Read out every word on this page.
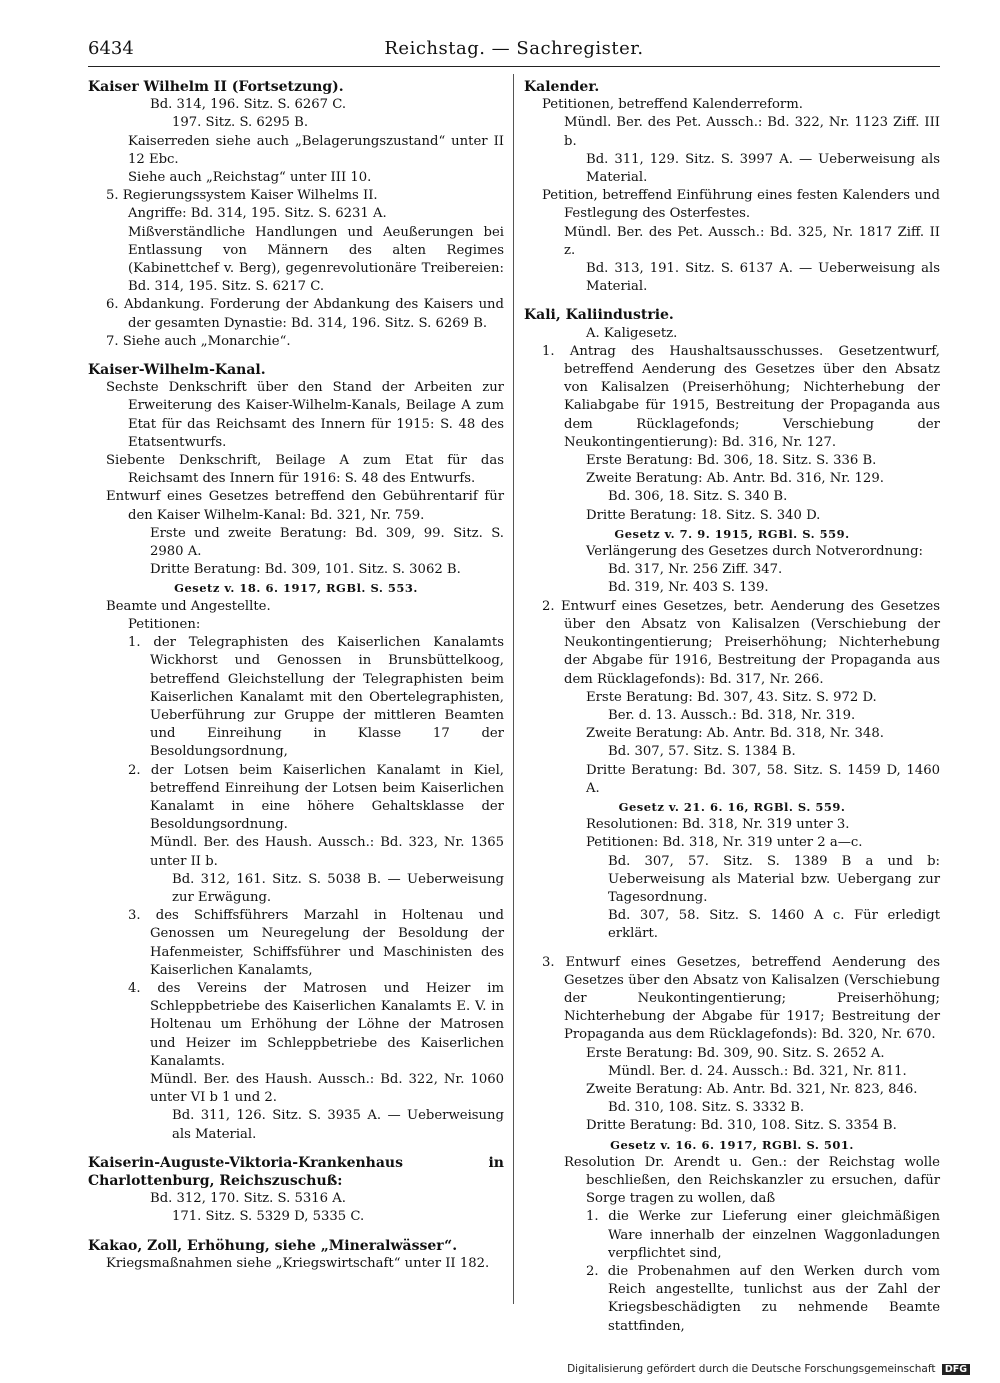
6434	Reichstag. — Sachregister.

Kaiser Wilhelm II (Fortsetzung).

Bd. 314, 196. Sitz. S. 6267 C.

197. Sitz. S. 6295 B.

Kaiserreden siehe auch „Belagerungszustand“ unter II 12 Ebc.

Siehe auch „Reichstag“ unter III 10.

5. Regierungssystem Kaiser Wilhelms II.

Angriffe: Bd. 314, 195. Sitz. S. 6231 A.

Mißverständliche Handlungen und Aeußerungen bei Entlassung von Männern des alten Regimes (Kabinettchef v. Berg), gegenrevolutionäre Treibereien: Bd. 314, 195. Sitz. S. 6217 C.

6. Abdankung. Forderung der Abdankung des Kaisers und der gesamten Dynastie: Bd. 314, 196. Sitz. S. 6269 B.

7. Siehe auch „Monarchie“.

Kaiser-Wilhelm-Kanal.

Sechste Denkschrift über den Stand der Arbeiten zur Erweiterung des Kaiser-Wilhelm-Kanals, Beilage A zum Etat für das Reichsamt des Innern für 1915: S. 48 des Etatsentwurfs.

Siebente Denkschrift, Beilage A zum Etat für das Reichsamt des Innern für 1916: S. 48 des Entwurfs.

Entwurf eines Gesetzes betreffend den Gebührentarif für den Kaiser Wilhelm-Kanal: Bd. 321, Nr. 759.

Erste und zweite Beratung: Bd. 309, 99. Sitz. S. 2980 A.

Dritte Beratung: Bd. 309, 101. Sitz. S. 3062 B.

Gesetz v. 18. 6. 1917, RGBl. S. 553.

Beamte und Angestellte.

Petitionen:

1. der Telegraphisten des Kaiserlichen Kanalamts Wickhorst und Genossen in Brunsbüttelkoog, betreffend Gleichstellung der Telegraphisten beim Kaiserlichen Kanalamt mit den Obertelegraphisten, Ueberführung zur Gruppe der mittleren Beamten und Einreihung in Klasse 17 der Besoldungsordnung,

2. der Lotsen beim Kaiserlichen Kanalamt in Kiel, betreffend Einreihung der Lotsen beim Kaiserlichen Kanalamt in eine höhere Gehaltsklasse der Besoldungsordnung.

Mündl. Ber. des Haush. Aussch.: Bd. 323, Nr. 1365 unter II b.

Bd. 312, 161. Sitz. S. 5038 B. — Ueberweisung zur Erwägung.

3. des Schiffsführers Marzahl in Holtenau und Genossen um Neuregelung der Besoldung der Hafenmeister, Schiffsführer und Maschinisten des Kaiserlichen Kanalamts,

4. des Vereins der Matrosen und Heizer im Schleppbetriebe des Kaiserlichen Kanalamts E. V. in Holtenau um Erhöhung der Löhne der Matrosen und Heizer im Schleppbetriebe des Kaiserlichen Kanalamts.

Mündl. Ber. des Haush. Aussch.: Bd. 322, Nr. 1060 unter VI b 1 und 2.

Bd. 311, 126. Sitz. S. 3935 A. — Ueberweisung als Material.

Kaiserin-Auguste-Viktoria-Krankenhaus in Charlottenburg, Reichszuschuß:

Bd. 312, 170. Sitz. S. 5316 A.

171. Sitz. S. 5329 D, 5335 C.

Kakao, Zoll, Erhöhung, siehe „Mineralwässer“.

Kriegsmaßnahmen siehe „Kriegswirtschaft“ unter II 182.

Kalender.

Petitionen, betreffend Kalenderreform.

Mündl. Ber. des Pet. Aussch.: Bd. 322, Nr. 1123 Ziff. III b.

Bd. 311, 129. Sitz. S. 3997 A. — Ueberweisung als Material.

Petition, betreffend Einführung eines festen Kalenders und Festlegung des Osterfestes.

Mündl. Ber. des Pet. Aussch.: Bd. 325, Nr. 1817 Ziff. II z.

Bd. 313, 191. Sitz. S. 6137 A. — Ueberweisung als Material.

Kali, Kaliindustrie.

A. Kaligesetz.

1. Antrag des Haushaltsausschusses. Gesetzentwurf, betreffend Aenderung des Gesetzes über den Absatz von Kalisalzen (Preiserhöhung; Nichterhebung der Kaliabgabe für 1915, Bestreitung der Propaganda aus dem Rücklagefonds; Verschiebung der Neukontingentierung): Bd. 316, Nr. 127.

Erste Beratung: Bd. 306, 18. Sitz. S. 336 B.

Zweite Beratung: Ab. Antr. Bd. 316, Nr. 129.

Bd. 306, 18. Sitz. S. 340 B.

Dritte Beratung: 18. Sitz. S. 340 D.

Gesetz v. 7. 9. 1915, RGBl. S. 559.

Verlängerung des Gesetzes durch Notverordnung:

Bd. 317, Nr. 256 Ziff. 347.

Bd. 319, Nr. 403 S. 139.

2. Entwurf eines Gesetzes, betr. Aenderung des Gesetzes über den Absatz von Kalisalzen (Verschiebung der Neukontingentierung; Preiserhöhung; Nichterhebung der Abgabe für 1916, Bestreitung der Propaganda aus dem Rücklagefonds): Bd. 317, Nr. 266.

Erste Beratung: Bd. 307, 43. Sitz. S. 972 D.

Ber. d. 13. Aussch.: Bd. 318, Nr. 319.

Zweite Beratung: Ab. Antr. Bd. 318, Nr. 348.

Bd. 307, 57. Sitz. S. 1384 B.

Dritte Beratung: Bd. 307, 58. Sitz. S. 1459 D, 1460 A.

Gesetz v. 21. 6. 16, RGBl. S. 559.

Resolutionen: Bd. 318, Nr. 319 unter 3.

Petitionen: Bd. 318, Nr. 319 unter 2 a—c.

Bd. 307, 57. Sitz. S. 1389 B a und b: Ueberweisung als Material bzw. Uebergang zur Tagesordnung.

Bd. 307, 58. Sitz. S. 1460 A c. Für erledigt erklärt.

3. Entwurf eines Gesetzes, betreffend Aenderung des Gesetzes über den Absatz von Kalisalzen (Verschiebung der Neukontingentierung; Preiserhöhung; Nichterhebung der Abgabe für 1917; Bestreitung der Propaganda aus dem Rücklagefonds): Bd. 320, Nr. 670.

Erste Beratung: Bd. 309, 90. Sitz. S. 2652 A.

Mündl. Ber. d. 24. Aussch.: Bd. 321, Nr. 811.

Zweite Beratung: Ab. Antr. Bd. 321, Nr. 823, 846.

Bd. 310, 108. Sitz. S. 3332 B.

Dritte Beratung: Bd. 310, 108. Sitz. S. 3354 B.

Gesetz v. 16. 6. 1917, RGBl. S. 501.

Resolution Dr. Arendt u. Gen.: der Reichstag wolle beschließen, den Reichskanzler zu ersuchen, dafür Sorge tragen zu wollen, daß

1. die Werke zur Lieferung einer gleichmäßigen Ware innerhalb der einzelnen Waggonladungen verpflichtet sind,

2. die Probenahmen auf den Werken durch vom Reich angestellte, tunlichst aus der Zahl der Kriegsbeschädigten zu nehmende Beamte stattfinden,

Digitalisierung gefördert durch die Deutsche Forschungsgemeinschaft DFG
